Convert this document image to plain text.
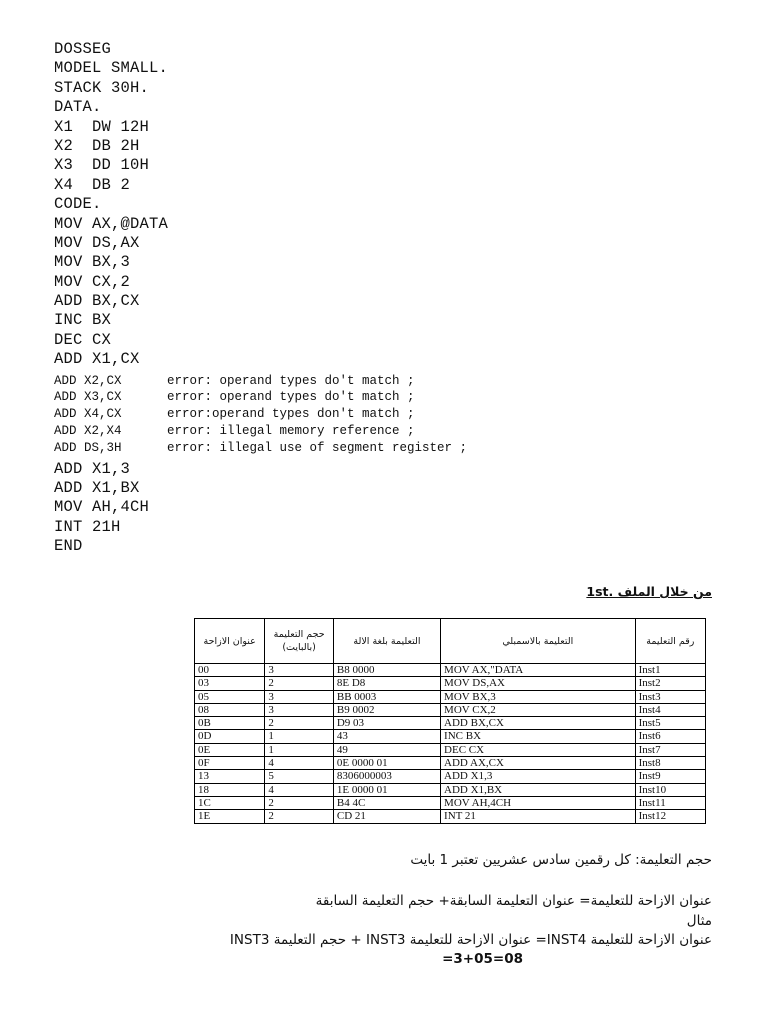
DOSSEG
MODEL SMALL.
STACK 30H.
DATA.
X1  DW 12H
X2  DB 2H
X3  DD 10H
X4  DB 2
CODE.
MOV AX,@DATA
MOV DS,AX
MOV BX,3
MOV CX,2
ADD BX,CX
INC BX
DEC CX
ADD X1,CX
ADD X2,CX	error: operand types do't match ;
ADD X3,CX	error: operand types do't match ;
ADD X4,CX	error:operand types don't match ;
ADD X2,X4	error: illegal memory reference ;
ADD DS,3H	error: illegal use of segment register ;
ADD X1,3
ADD X1,BX
MOV AH,4CH
INT 21H
END
من خلال الملف .1st
رقم التعليمة	التعليمة بالاسمبلي	التعليمة بلغة الالة	حجم التعليمة (بالبايت)	عنوان الازاحة
Inst1	MOV AX,"DATA	B8 0000	3	00
Inst2	MOV DS,AX	8E D8	2	03
Inst3	MOV BX,3	BB 0003	3	05
Inst4	MOV CX,2	B9 0002	3	08
Inst5	ADD BX,CX	D9 03	2	0B
Inst6	INC BX	43	1	0D
Inst7	DEC CX	49	1	0E
Inst8	ADD AX,CX	0E 0000 01	4	0F
Inst9	ADD X1,3	8306000003	5	13
Inst10	ADD X1,BX	1E 0000 01	4	18
Inst11	MOV AH,4CH	B4 4C	2	1C
Inst12	INT 21	CD 21	2	1E
حجم التعليمة: كل رقمين سادس عشريين تعتبر 1 بايت
عنوان الازاحة للتعليمة= عنوان التعليمة السابقة+ حجم التعليمة السابقة
مثال
عنوان الازاحة للتعليمة INST4= عنوان الازاحة للتعليمة INST3 + حجم التعليمة INST3
08=3+05=
